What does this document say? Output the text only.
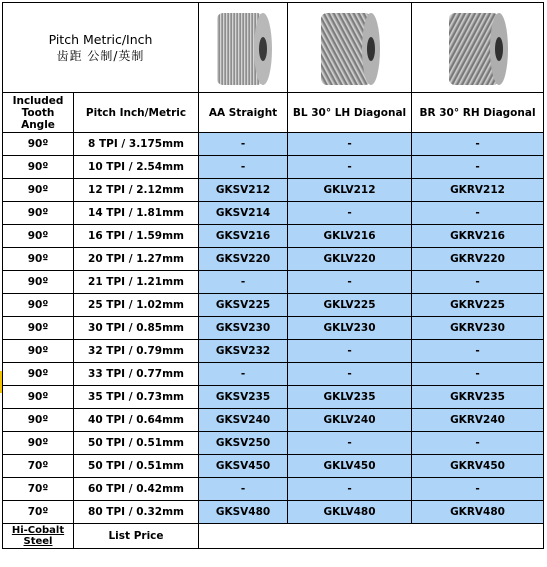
Pitch Metric/Inch
齿距 公制/英制

Included Tooth Angle	Pitch Inch/Metric	AA Straight	BL 30° LH Diagonal	BR 30° RH Diagonal
90º	8 TPI / 3.175mm	-	-	-
90º	10 TPI / 2.54mm	-	-	-
90º	12 TPI / 2.12mm	GKSV212	GKLV212	GKRV212
90º	14 TPI / 1.81mm	GKSV214	-	-
90º	16 TPI / 1.59mm	GKSV216	GKLV216	GKRV216
90º	20 TPI / 1.27mm	GKSV220	GKLV220	GKRV220
90º	21 TPI / 1.21mm	-	-	-
90º	25 TPI / 1.02mm	GKSV225	GKLV225	GKRV225
90º	30 TPI / 0.85mm	GKSV230	GKLV230	GKRV230
90º	32 TPI / 0.79mm	GKSV232	-	-
90º	33 TPI / 0.77mm	-	-	-
90º	35 TPI / 0.73mm	GKSV235	GKLV235	GKRV235
90º	40 TPI / 0.64mm	GKSV240	GKLV240	GKRV240
90º	50 TPI / 0.51mm	GKSV250	-	-
70º	50 TPI / 0.51mm	GKSV450	GKLV450	GKRV450
70º	60 TPI / 0.42mm	-	-	-
70º	80 TPI / 0.32mm	GKSV480	GKLV480	GKRV480
Hi-Cobalt Steel	List Price			
